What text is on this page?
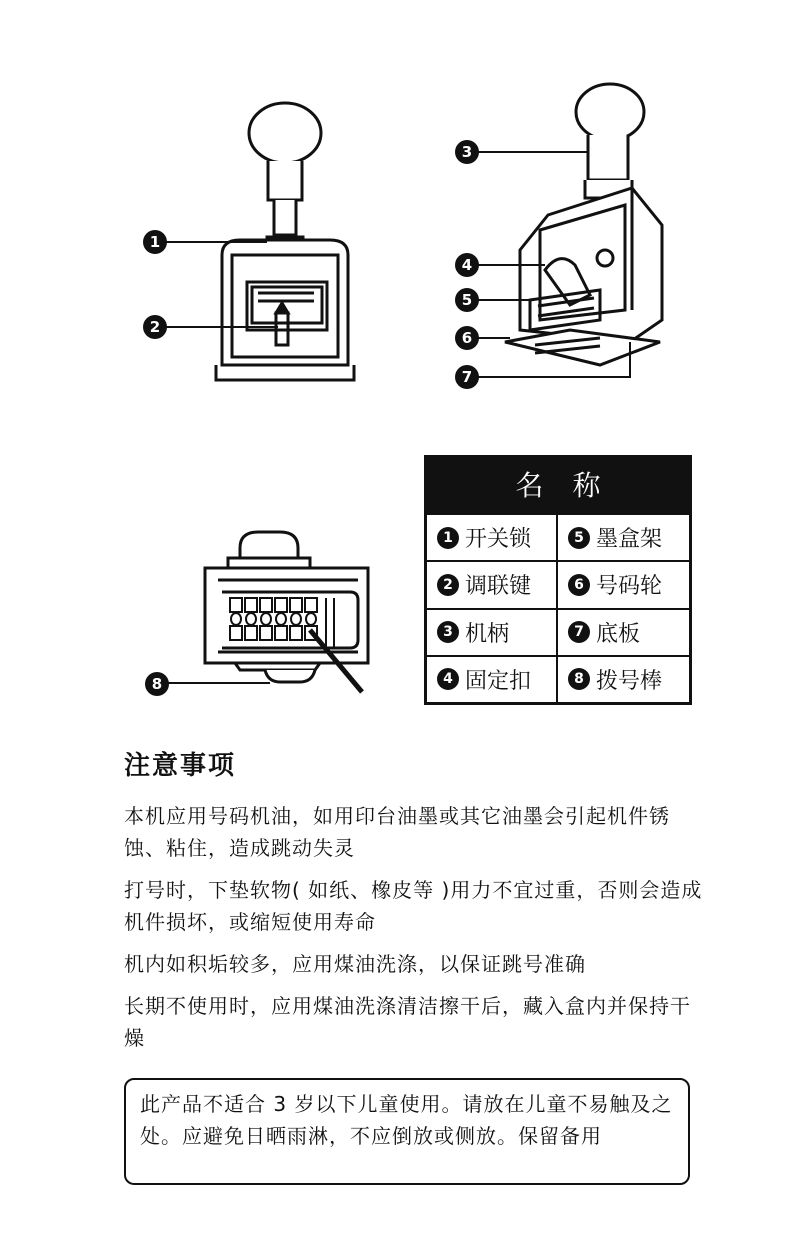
1
2
3
4
5
6
7
8
名 称
1 开关锁	5 墨盒架
2 调联键	6 号码轮
3 机柄	7 底板
4 固定扣	8 拨号棒
注意事项

本机应用号码机油，如用印台油墨或其它油墨会引起机件锈蚀、粘住，造成跳动失灵

打号时，下垫软物( 如纸、橡皮等 )用力不宜过重，否则会造成机件损坏，或缩短使用寿命

机内如积垢较多，应用煤油洗涤，以保证跳号准确

长期不使用时，应用煤油洗涤清洁擦干后，藏入盒内并保持干燥

此产品不适合 3 岁以下儿童使用。请放在儿童不易触及之处。应避免日晒雨淋，不应倒放或侧放。保留备用
